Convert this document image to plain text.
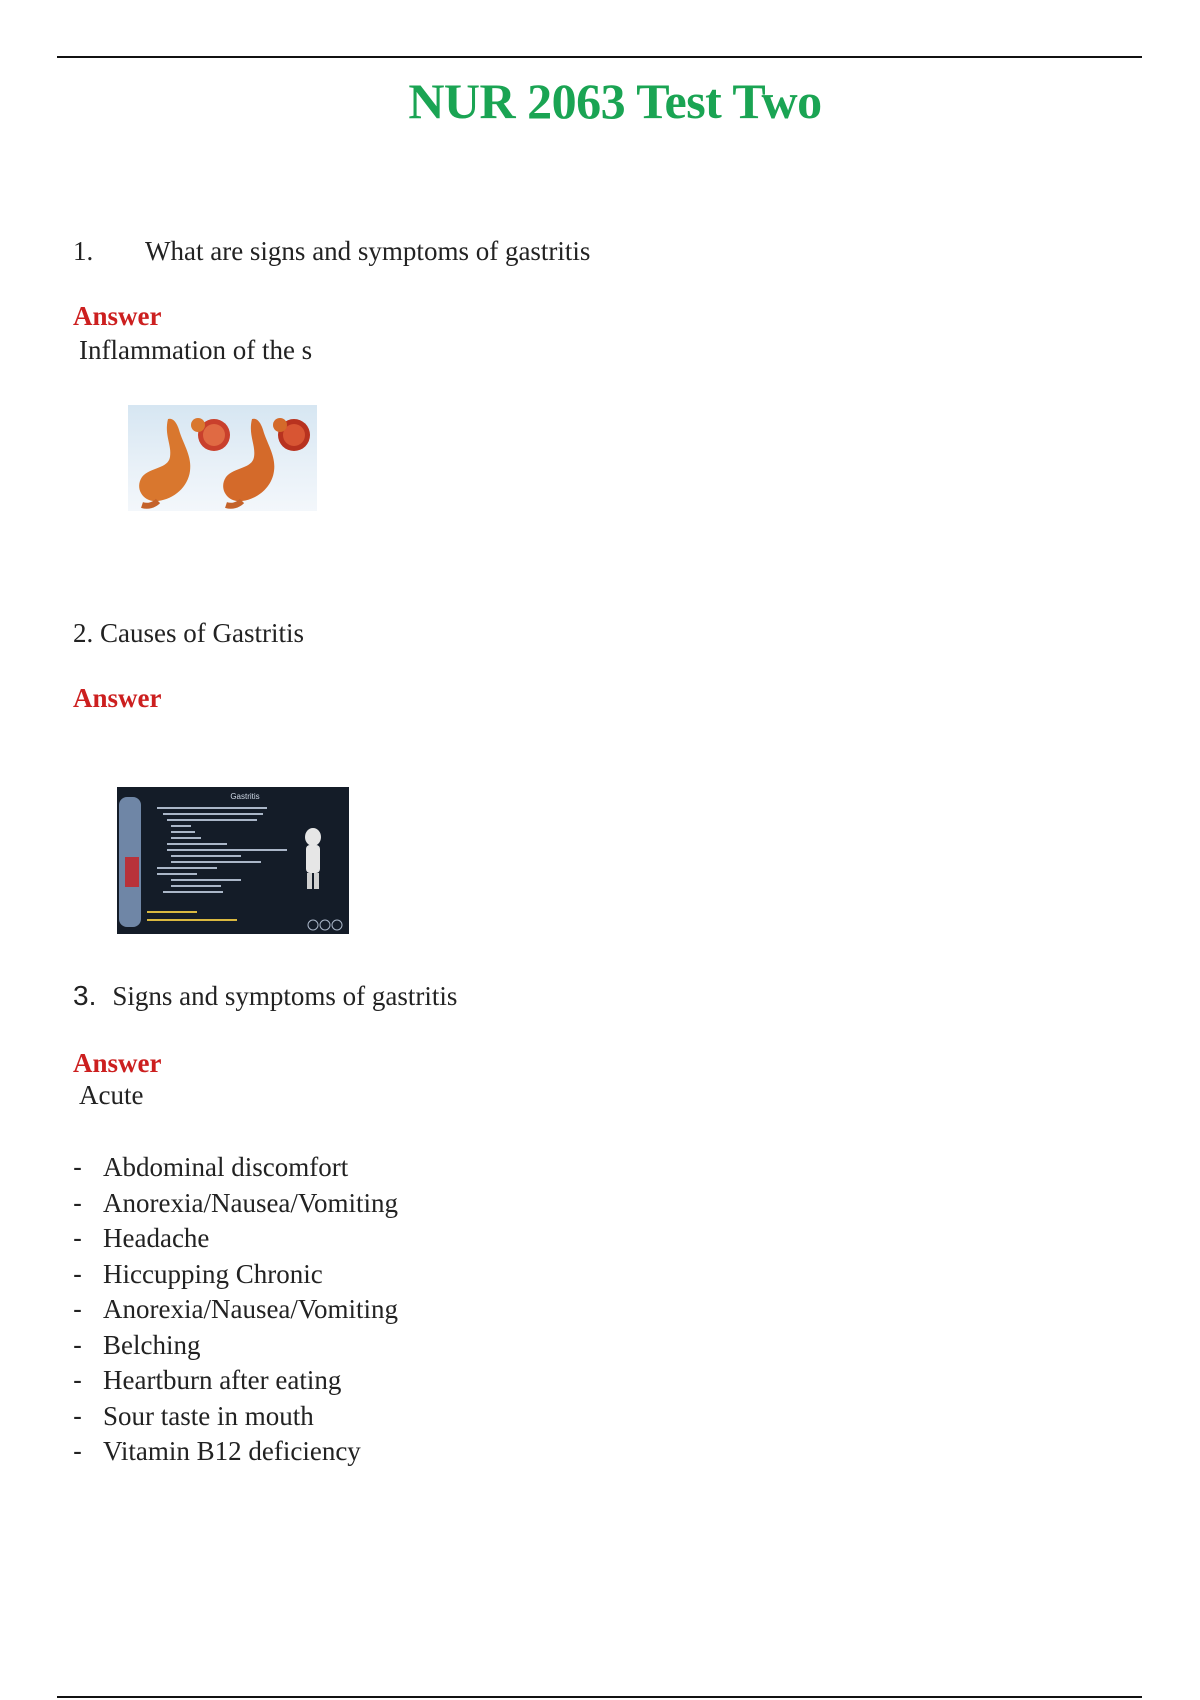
NUR 2063 Test Two
1. What are signs and symptoms of gastritis
Answer
Inflammation of the s
2. Causes of Gastritis
Answer
Gastritis
3. Signs and symptoms of gastritis
Answer
Acute
- Abdominal discomfort
- Anorexia/Nausea/Vomiting
- Headache
- Hiccupping Chronic
- Anorexia/Nausea/Vomiting
- Belching
- Heartburn after eating
- Sour taste in mouth
- Vitamin B12 deficiency
